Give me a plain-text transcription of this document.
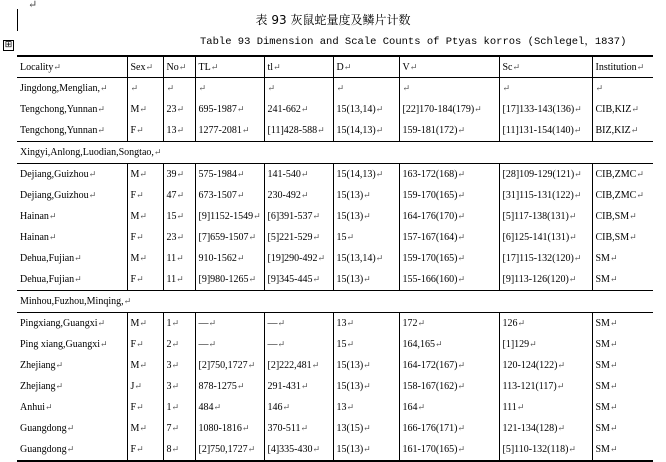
↵
表 93 灰鼠蛇量度及鳞片计数
Table 93 Dimension and Scale Counts of Ptyas korros (Schlegel，1837)
⊞
Locality↵	Sex↵	No↵	TL↵	tl↵	D↵	V↵	Sc↵	Institution↵
Jingdong,Menglian,↵	↵	↵	↵	↵	↵	↵	↵	↵
Tengchong,Yunnan↵	M↵	23↵	695-1987↵	241-662↵	15(13,14)↵	[22]170-184(179)↵	[17]133-143(136)↵	CIB,KIZ↵
Tengchong,Yunnan↵	F↵	13↵	1277-2081↵	[11]428-588↵	15(14,13)↵	159-181(172)↵	[11]131-154(140)↵	BIZ,KIZ↵
Xingyi,Anlong,Luodian,Songtao,↵								
Dejiang,Guizhou↵	M↵	39↵	575-1984↵	141-540↵	15(14,13)↵	163-172(168)↵	[28]109-129(121)↵	CIB,ZMC↵
Dejiang,Guizhou↵	F↵	47↵	673-1507↵	230-492↵	15(13)↵	159-170(165)↵	[31]115-131(122)↵	CIB,ZMC↵
Hainan↵	M↵	15↵	[9]1152-1549↵	[6]391-537↵	15(13)↵	164-176(170)↵	[5]117-138(131)↵	CIB,SM↵
Hainan↵	F↵	23↵	[7]659-1507↵	[5]221-529↵	15↵	157-167(164)↵	[6]125-141(131)↵	CIB,SM↵
Dehua,Fujian↵	M↵	11↵	910-1562↵	[19]290-492↵	15(13,14)↵	159-170(165)↵	[17]115-132(120)↵	SM↵
Dehua,Fujian↵	F↵	11↵	[9]980-1265↵	[9]345-445↵	15(13)↵	155-166(160)↵	[9]113-126(120)↵	SM↵
Minhou,Fuzhou,Minqing,↵								
Pingxiang,Guangxi↵	M↵	1↵	—↵	—↵	13↵	172↵	126↵	SM↵
Ping xiang,Guangxi↵	F↵	2↵	—↵	—↵	15↵	164,165↵	[1]129↵	SM↵
Zhejiang↵	M↵	3↵	[2]750,1727↵	[2]222,481↵	15(13)↵	164-172(167)↵	120-124(122)↵	SM↵
Zhejiang↵	J↵	3↵	878-1275↵	291-431↵	15(13)↵	158-167(162)↵	113-121(117)↵	SM↵
Anhui↵	F↵	1↵	484↵	146↵	13↵	164↵	111↵	SM↵
Guangdong↵	M↵	7↵	1080-1816↵	370-511↵	13(15)↵	166-176(171)↵	121-134(128)↵	SM↵
Guangdong↵	F↵	8↵	[2]750,1727↵	[4]335-430↵	15(13)↵	161-170(165)↵	[5]110-132(118)↵	SM↵
